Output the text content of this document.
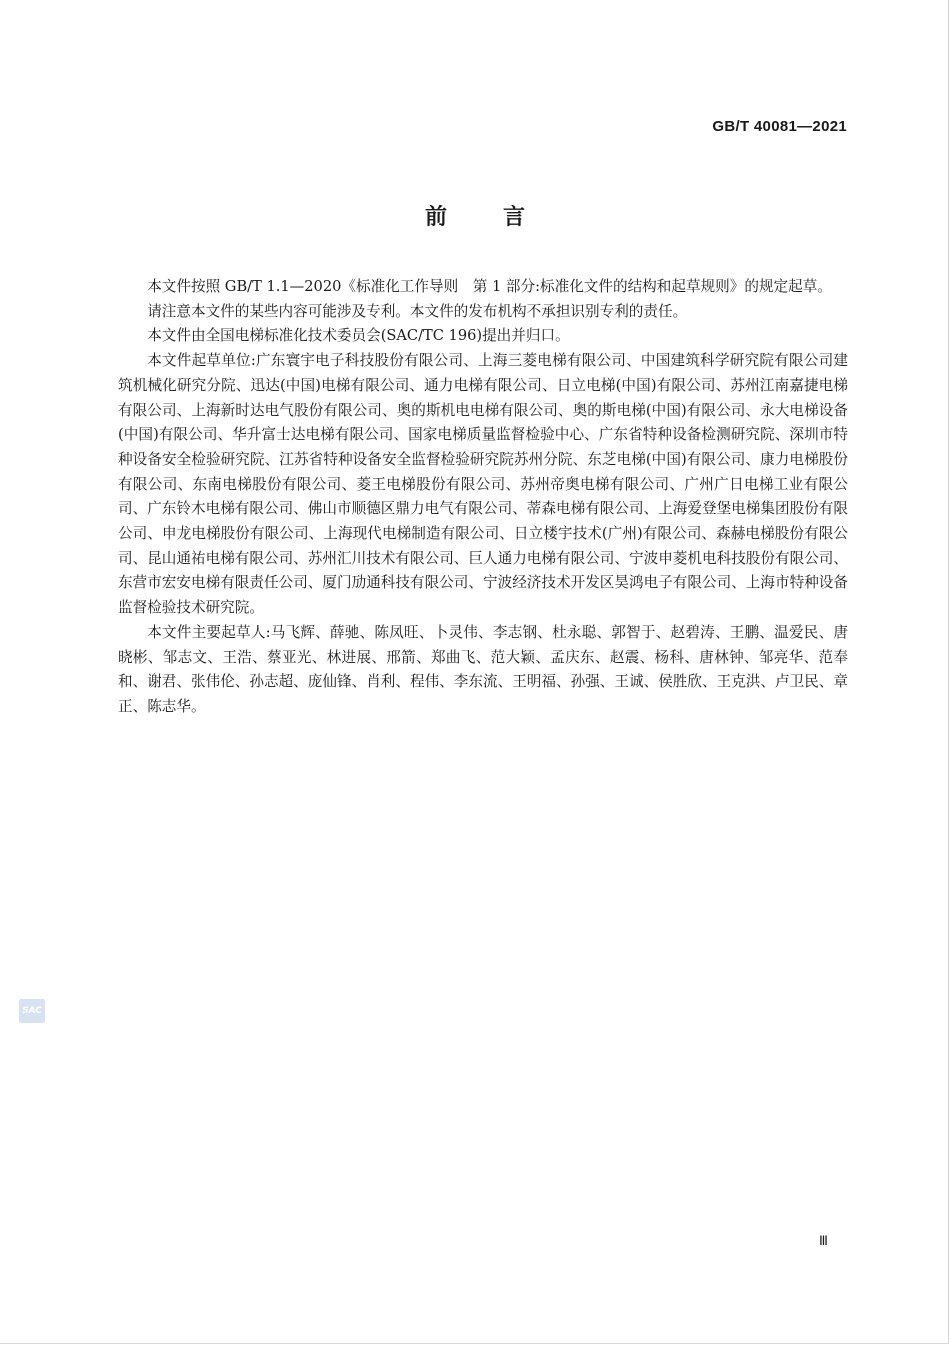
GB/T 40081—2021
前言

本文件按照 GB/T 1.1—2020《标准化工作导则　第 1 部分:标准化文件的结构和起草规则》的规定起草。

请注意本文件的某些内容可能涉及专利。本文件的发布机构不承担识别专利的责任。

本文件由全国电梯标准化技术委员会(SAC/TC 196)提出并归口。

本文件起草单位:广东寰宇电子科技股份有限公司、上海三菱电梯有限公司、中国建筑科学研究院有限公司建筑机械化研究分院、迅达(中国)电梯有限公司、通力电梯有限公司、日立电梯(中国)有限公司、苏州江南嘉捷电梯有限公司、上海新时达电气股份有限公司、奥的斯机电电梯有限公司、奥的斯电梯(中国)有限公司、永大电梯设备(中国)有限公司、华升富士达电梯有限公司、国家电梯质量监督检验中心、广东省特种设备检测研究院、深圳市特种设备安全检验研究院、江苏省特种设备安全监督检验研究院苏州分院、东芝电梯(中国)有限公司、康力电梯股份有限公司、东南电梯股份有限公司、菱王电梯股份有限公司、苏州帝奥电梯有限公司、广州广日电梯工业有限公司、广东铃木电梯有限公司、佛山市顺德区鼎力电气有限公司、蒂森电梯有限公司、上海爱登堡电梯集团股份有限公司、申龙电梯股份有限公司、上海现代电梯制造有限公司、日立楼宇技术(广州)有限公司、森赫电梯股份有限公司、昆山通祐电梯有限公司、苏州汇川技术有限公司、巨人通力电梯有限公司、宁波申菱机电科技股份有限公司、东营市宏安电梯有限责任公司、厦门劢通科技有限公司、宁波经济技术开发区昊鸿电子有限公司、上海市特种设备监督检验技术研究院。

本文件主要起草人:马飞辉、薛驰、陈凤旺、卜灵伟、李志钢、杜永聪、郭智于、赵碧涛、王鹏、温爱民、唐晓彬、邹志文、王浩、蔡亚光、林进展、邢箭、郑曲飞、范大颖、孟庆东、赵震、杨科、唐林钟、邹亮华、范奉和、谢君、张伟伦、孙志超、庞仙锋、肖利、程伟、李东流、王明福、孙强、王诚、侯胜欣、王克洪、卢卫民、章正、陈志华。

SAC
Ⅲ
